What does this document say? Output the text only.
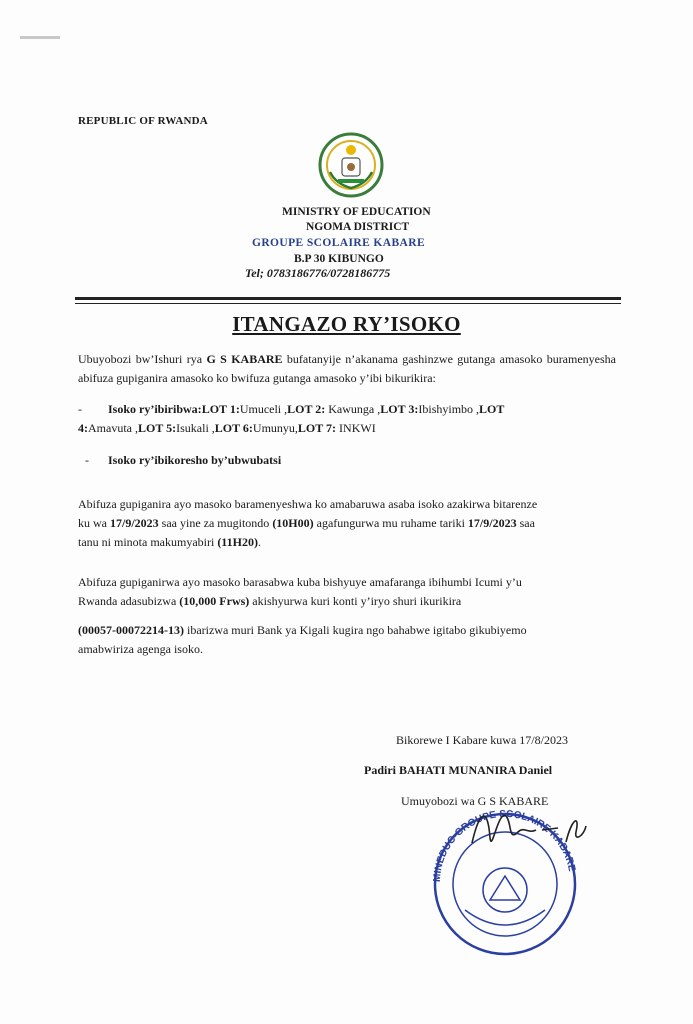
REPUBLIC OF RWANDA
MINISTRY OF EDUCATION
NGOMA DISTRICT
GROUPE SCOLAIRE KABARE
B.P 30 KIBUNGO
Tel; 0783186776/0728186775
ITANGAZO RY’ISOKO
Ubuyobozi bw’Ishuri rya G S KABARE bufatanyije n’akanama gashinzwe gutanga amasoko buramenyesha abifuza gupiganira amasoko ko bwifuza gutanga amasoko y’ibi bikurikira:
- Isoko ry’ibiribwa:LOT 1:Umuceli ,LOT 2: Kawunga ,LOT 3:Ibishyimbo ,LOT
4:Amavuta ,LOT 5:Isukali ,LOT 6:Umunyu,LOT 7: INKWI
- Isoko ry’ibikoresho by’ubwubatsi
Abifuza gupiganira ayo masoko baramenyeshwa ko amabaruwa asaba isoko azakirwa bitarenze
ku wa 17/9/2023 saa yine za mugitondo (10H00) agafungurwa mu ruhame tariki 17/9/2023 saa
tanu ni minota makumyabiri (11H20).
Abifuza gupiganirwa ayo masoko barasabwa kuba bishyuye amafaranga ibihumbi Icumi y’u
Rwanda adasubizwa (10,000 Frws) akishyurwa kuri konti y’iryo shuri ikurikira
(00057-00072214-13) ibarizwa muri Bank ya Kigali kugira ngo bahabwe igitabo gikubiyemo
amabwiriza agenga isoko.
Bikorewe I Kabare kuwa 17/8/2023
Padiri BAHATI MUNANIRA Daniel
Umuyobozi wa G S KABARE
MINEDUC-GROUPE SCOLAIRE KABARE
